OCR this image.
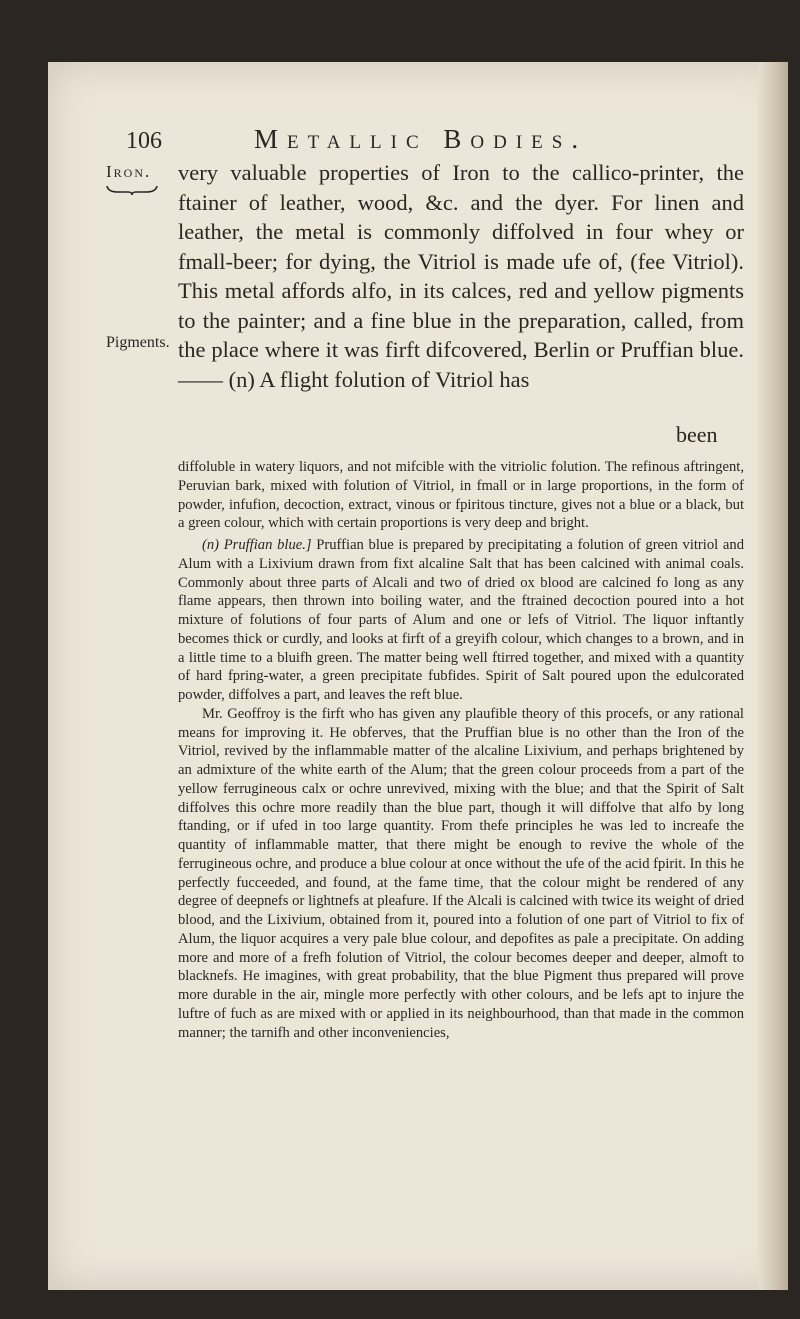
106	Metallic Bodies.
Iron.
Pigments.

very valuable properties of Iron to the callico-printer, the ftainer of leather, wood, &c. and the dyer. For linen and leather, the metal is commonly diffolved in four whey or fmall-beer; for dying, the Vitriol is made ufe of, (fee Vitriol). This metal affords alfo, in its calces, red and yellow pigments to the painter; and a fine blue in the preparation, called, from the place where it was firft difcovered, Berlin or Pruffian blue. —— (n) A flight folution of Vitriol has

been

diffoluble in watery liquors, and not mifcible with the vitriolic folution. The refinous aftringent, Peruvian bark, mixed with folution of Vitriol, in fmall or in large proportions, in the form of powder, infufion, decoction, extract, vinous or fpiritous tincture, gives not a blue or a black, but a green colour, which with certain proportions is very deep and bright.

(n) Pruffian blue.] Pruffian blue is prepared by precipitating a folution of green vitriol and Alum with a Lixivium drawn from fixt alcaline Salt that has been calcined with animal coals. Commonly about three parts of Alcali and two of dried ox blood are calcined fo long as any flame appears, then thrown into boiling water, and the ftrained decoction poured into a hot mixture of folutions of four parts of Alum and one or lefs of Vitriol. The liquor inftantly becomes thick or curdly, and looks at firft of a greyifh colour, which changes to a brown, and in a little time to a bluifh green. The matter being well ftirred together, and mixed with a quantity of hard fpring-water, a green precipitate fubfides. Spirit of Salt poured upon the edulcorated powder, diffolves a part, and leaves the reft blue.

Mr. Geoffroy is the firft who has given any plaufible theory of this procefs, or any rational means for improving it. He obferves, that the Pruffian blue is no other than the Iron of the Vitriol, revived by the inflammable matter of the alcaline Lixivium, and perhaps brightened by an admixture of the white earth of the Alum; that the green colour proceeds from a part of the yellow ferrugineous calx or ochre unrevived, mixing with the blue; and that the Spirit of Salt diffolves this ochre more readily than the blue part, though it will diffolve that alfo by long ftanding, or if ufed in too large quantity. From thefe principles he was led to increafe the quantity of inflammable matter, that there might be enough to revive the whole of the ferrugineous ochre, and produce a blue colour at once without the ufe of the acid fpirit. In this he perfectly fucceeded, and found, at the fame time, that the colour might be rendered of any degree of deepnefs or lightnefs at pleafure. If the Alcali is calcined with twice its weight of dried blood, and the Lixivium, obtained from it, poured into a folution of one part of Vitriol to fix of Alum, the liquor acquires a very pale blue colour, and depofites as pale a precipitate. On adding more and more of a frefh folution of Vitriol, the colour becomes deeper and deeper, almoft to blacknefs. He imagines, with great probability, that the blue Pigment thus prepared will prove more durable in the air, mingle more perfectly with other colours, and be lefs apt to injure the luftre of fuch as are mixed with or applied in its neighbourhood, than that made in the common manner; the tarnifh and other inconveniencies,

to
